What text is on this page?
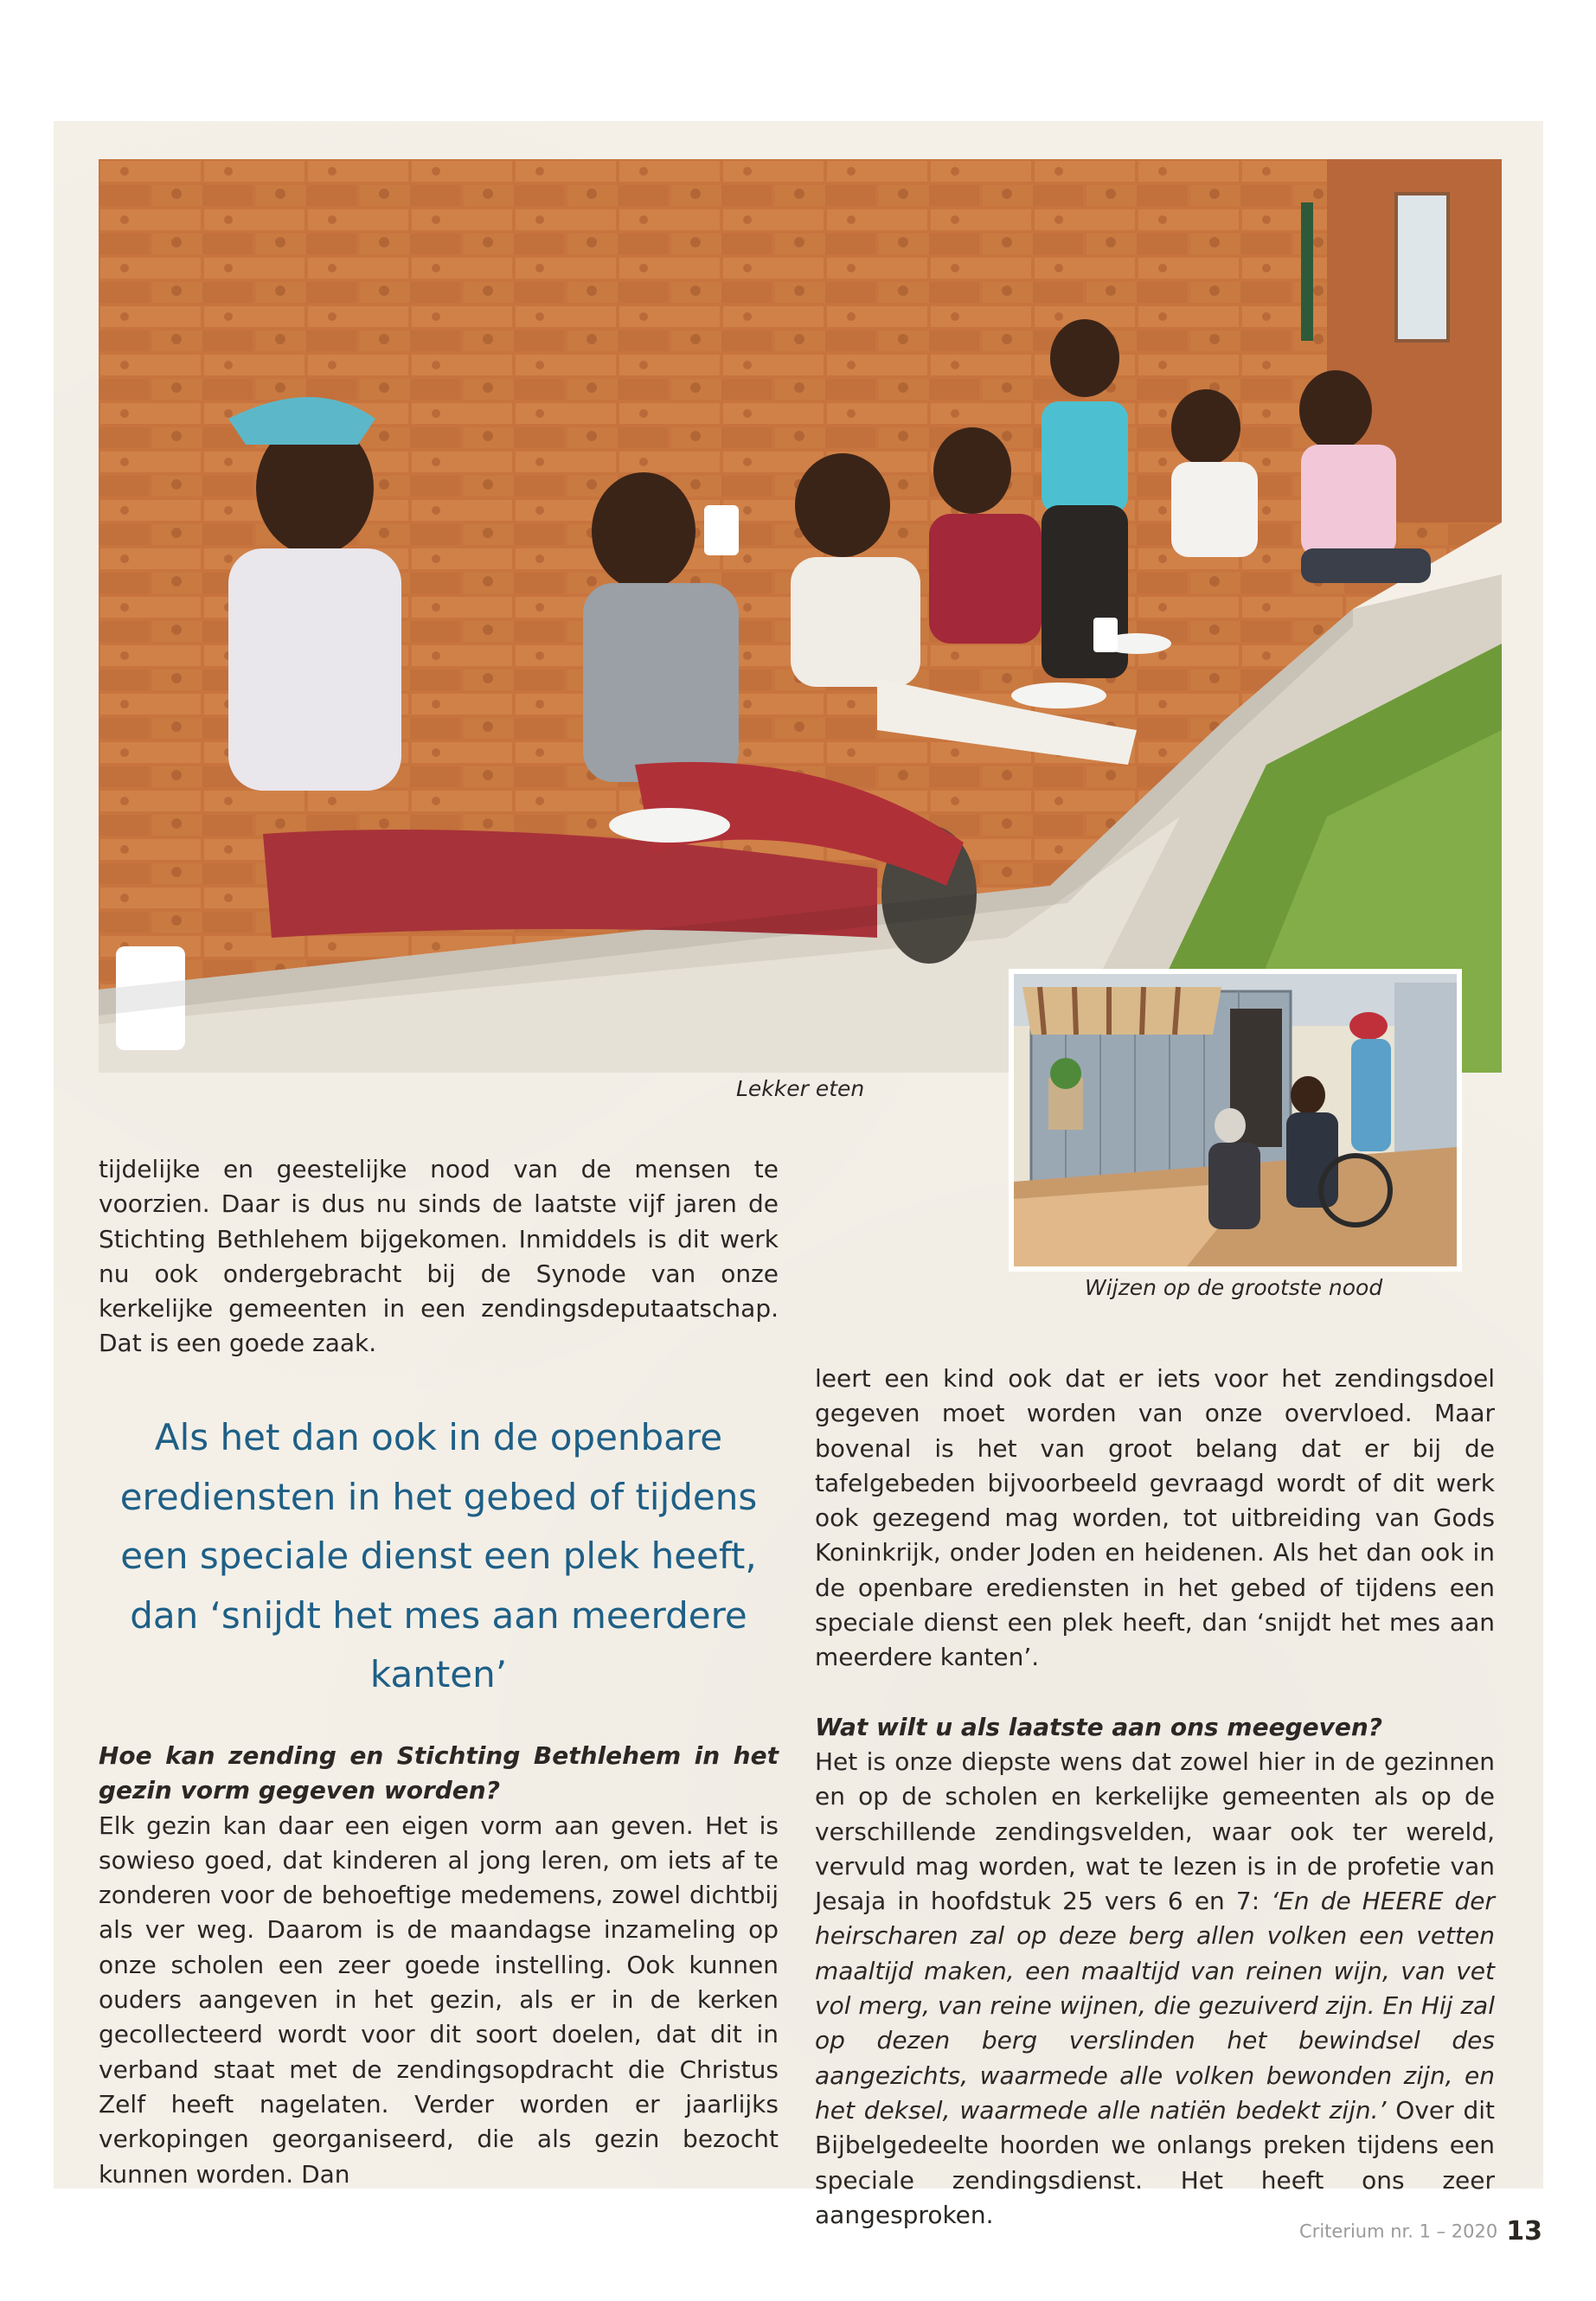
Lekker eten
Wijzen op de grootste nood

tijdelijke en geestelijke nood van de mensen te voorzien. Daar is dus nu sinds de laatste vijf jaren de Stichting Bethlehem bijgekomen. Inmiddels is dit werk nu ook ondergebracht bij de Synode van onze kerkelijke gemeenten in een zendingsdeputaatschap. Dat is een goede zaak.

Als het dan ook in de openbare erediensten in het gebed of tijdens een speciale dienst een plek heeft, dan ‘snijdt het mes aan meerdere kanten’

Hoe kan zending en Stichting Bethlehem in het gezin vorm gegeven worden?

Elk gezin kan daar een eigen vorm aan geven. Het is sowieso goed, dat kinderen al jong leren, om iets af te zonderen voor de behoeftige medemens, zowel dichtbij als ver weg. Daarom is de maandagse inzameling op onze scholen een zeer goede instelling. Ook kunnen ouders aangeven in het gezin, als er in de kerken gecollecteerd wordt voor dit soort doelen, dat dit in verband staat met de zendingsopdracht die Christus Zelf heeft nagelaten. Verder worden er jaarlijks verkopingen georganiseerd, die als gezin bezocht kunnen worden. Dan

leert een kind ook dat er iets voor het zendingsdoel gegeven moet worden van onze overvloed. Maar bovenal is het van groot belang dat er bij de tafelgebeden bijvoorbeeld gevraagd wordt of dit werk ook gezegend mag worden, tot uitbreiding van Gods Koninkrijk, onder Joden en heidenen. Als het dan ook in de openbare erediensten in het gebed of tijdens een speciale dienst een plek heeft, dan ‘snijdt het mes aan meerdere kanten’.

Wat wilt u als laatste aan ons meegeven?

Het is onze diepste wens dat zowel hier in de gezinnen en op de scholen en kerkelijke gemeenten als op de verschillende zendingsvelden, waar ook ter wereld, vervuld mag worden, wat te lezen is in de profetie van Jesaja in hoofdstuk 25 vers 6 en 7: ‘En de HEERE der heirscharen zal op deze berg allen volken een vetten maaltijd maken, een maaltijd van reinen wijn, van vet vol merg, van reine wijnen, die gezuiverd zijn. En Hij zal op dezen berg verslinden het bewindsel des aangezichts, waarmede alle volken bewonden zijn, en het deksel, waarmede alle natiën bedekt zijn.’ Over dit Bijbelgedeelte hoorden we onlangs preken tijdens een speciale zendingsdienst. Het heeft ons zeer aangesproken.

Criterium nr. 1 – 2020 13
